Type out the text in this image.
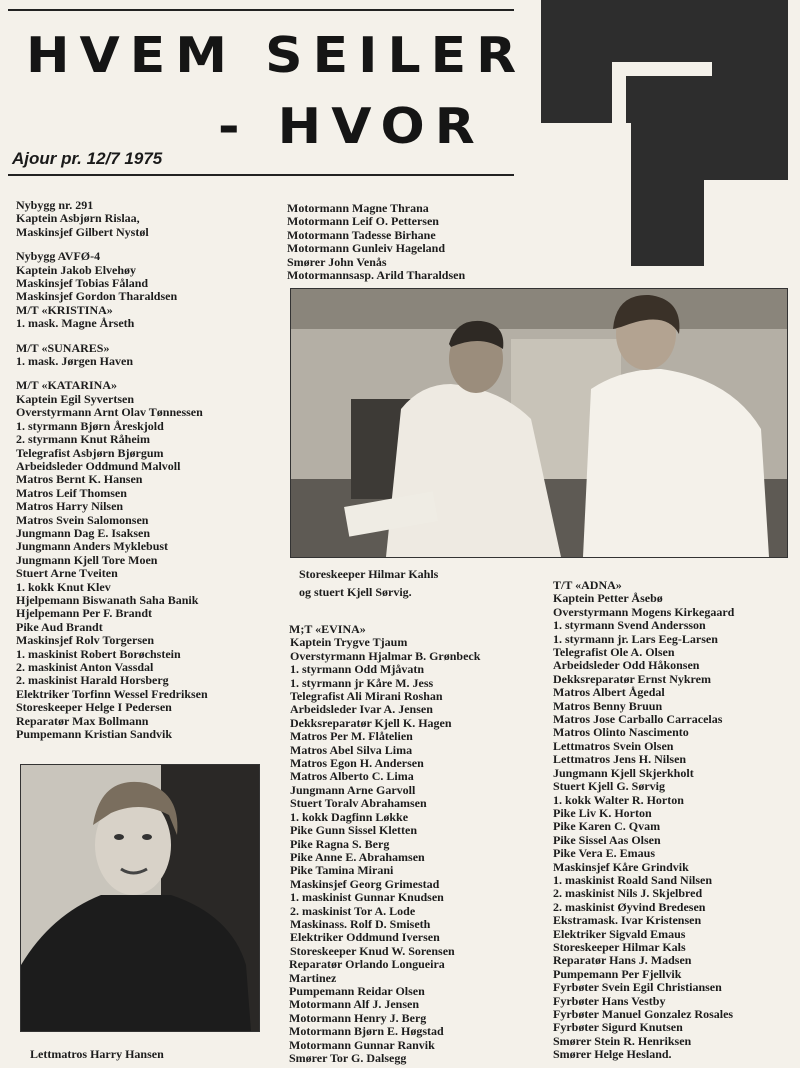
HVEM SEILER
- HVOR
Ajour pr. 12/7 1975
Nybygg nr. 291
Kaptein Asbjørn Rislaa,
Maskinsjef Gilbert Nystøl
Nybygg AVFØ-4
Kaptein Jakob Elvehøy
Maskinsjef Tobias Fåland
Maskinsjef Gordon Tharaldsen
M/T «KRISTINA»
1. mask. Magne Årseth
M/T «SUNARES»
1. mask. Jørgen Haven
M/T «KATARINA»
Kaptein Egil Syvertsen
Overstyrmann Arnt Olav Tønnessen
1. styrmann Bjørn Åreskjold
2. styrmann Knut Råheim
Telegrafist Asbjørn Bjørgum
Arbeidsleder Oddmund Malvoll
Matros Bernt K. Hansen
Matros Leif Thomsen
Matros Harry Nilsen
Matros Svein Salomonsen
Jungmann Dag E. Isaksen
Jungmann Anders Myklebust
Jungmann Kjell Tore Moen
Stuert Arne Tveiten
1. kokk Knut Klev
Hjelpemann Biswanath Saha Banik
Hjelpemann Per F. Brandt
Pike Aud Brandt
Maskinsjef Rolv Torgersen
1. maskinist Robert Borøchstein
2. maskinist Anton Vassdal
2. maskinist Harald Horsberg
Elektriker Torfinn Wessel Fredriksen
Storeskeeper Helge I Pedersen
Reparatør Max Bollmann
Pumpemann Kristian Sandvik
Lettmatros Harry Hansen
Motormann Magne Thrana
Motormann Leif O. Pettersen
Motormann Tadesse Birhane
Motormann Gunleiv Hageland
Smører John Venås
Motormannsasp. Arild Tharaldsen
Storeskeeper Hilmar Kahls
og stuert Kjell Sørvig.
M;T «EVINA»
Kaptein Trygve Tjaum
Overstyrmann Hjalmar B. Grønbeck
1. styrmann Odd Mjåvatn
1. styrmann jr Kåre M. Jess
Telegrafist Ali Mirani Roshan
Arbeidsleder Ivar A. Jensen
Dekksreparatør Kjell K. Hagen
Matros Per M. Flåtelien
Matros Abel Silva Lima
Matros Egon H. Andersen
Matros Alberto C. Lima
Jungmann Arne Garvoll
Stuert Toralv Abrahamsen
1. kokk Dagfinn Løkke
Pike Gunn Sissel Kletten
Pike Ragna S. Berg
Pike Anne E. Abrahamsen
Pike Tamina Mirani
Maskinsjef Georg Grimestad
1. maskinist Gunnar Knudsen
2. maskinist Tor A. Lode
Maskinass. Rolf D. Smiseth
Elektriker Oddmund Iversen
Storeskeeper Knud W. Sorensen
Reparatør Orlando Longueira
Martinez
Pumpemann Reidar Olsen
Motormann Alf J. Jensen
Motormann Henry J. Berg
Motormann Bjørn E. Høgstad
Motormann Gunnar Ranvik
Smører Tor G. Dalsegg
T/T «ADNA»
Kaptein Petter Åsebø
Overstyrmann Mogens Kirkegaard
1. styrmann Svend Andersson
1. styrmann jr. Lars Eeg-Larsen
Telegrafist Ole A. Olsen
Arbeidsleder Odd Håkonsen
Dekksreparatør Ernst Nykrem
Matros Albert Ågedal
Matros Benny Bruun
Matros Jose Carballo Carracelas
Matros Olinto Nascimento
Lettmatros Svein Olsen
Lettmatros Jens H. Nilsen
Jungmann Kjell Skjerkholt
Stuert Kjell G. Sørvig
1. kokk Walter R. Horton
Pike Liv K. Horton
Pike Karen C. Qvam
Pike Sissel Aas Olsen
Pike Vera E. Emaus
Maskinsjef Kåre Grindvik
1. maskinist Roald Sand Nilsen
2. maskinist Nils J. Skjelbred
2. maskinist Øyvind Bredesen
Ekstramask. Ivar Kristensen
Elektriker Sigvald Emaus
Storeskeeper Hilmar Kals
Reparatør Hans J. Madsen
Pumpemann Per Fjellvik
Fyrbøter Svein Egil Christiansen
Fyrbøter Hans Vestby
Fyrbøter Manuel Gonzalez Rosales
Fyrbøter Sigurd Knutsen
Smører Stein R. Henriksen
Smører Helge Hesland.
